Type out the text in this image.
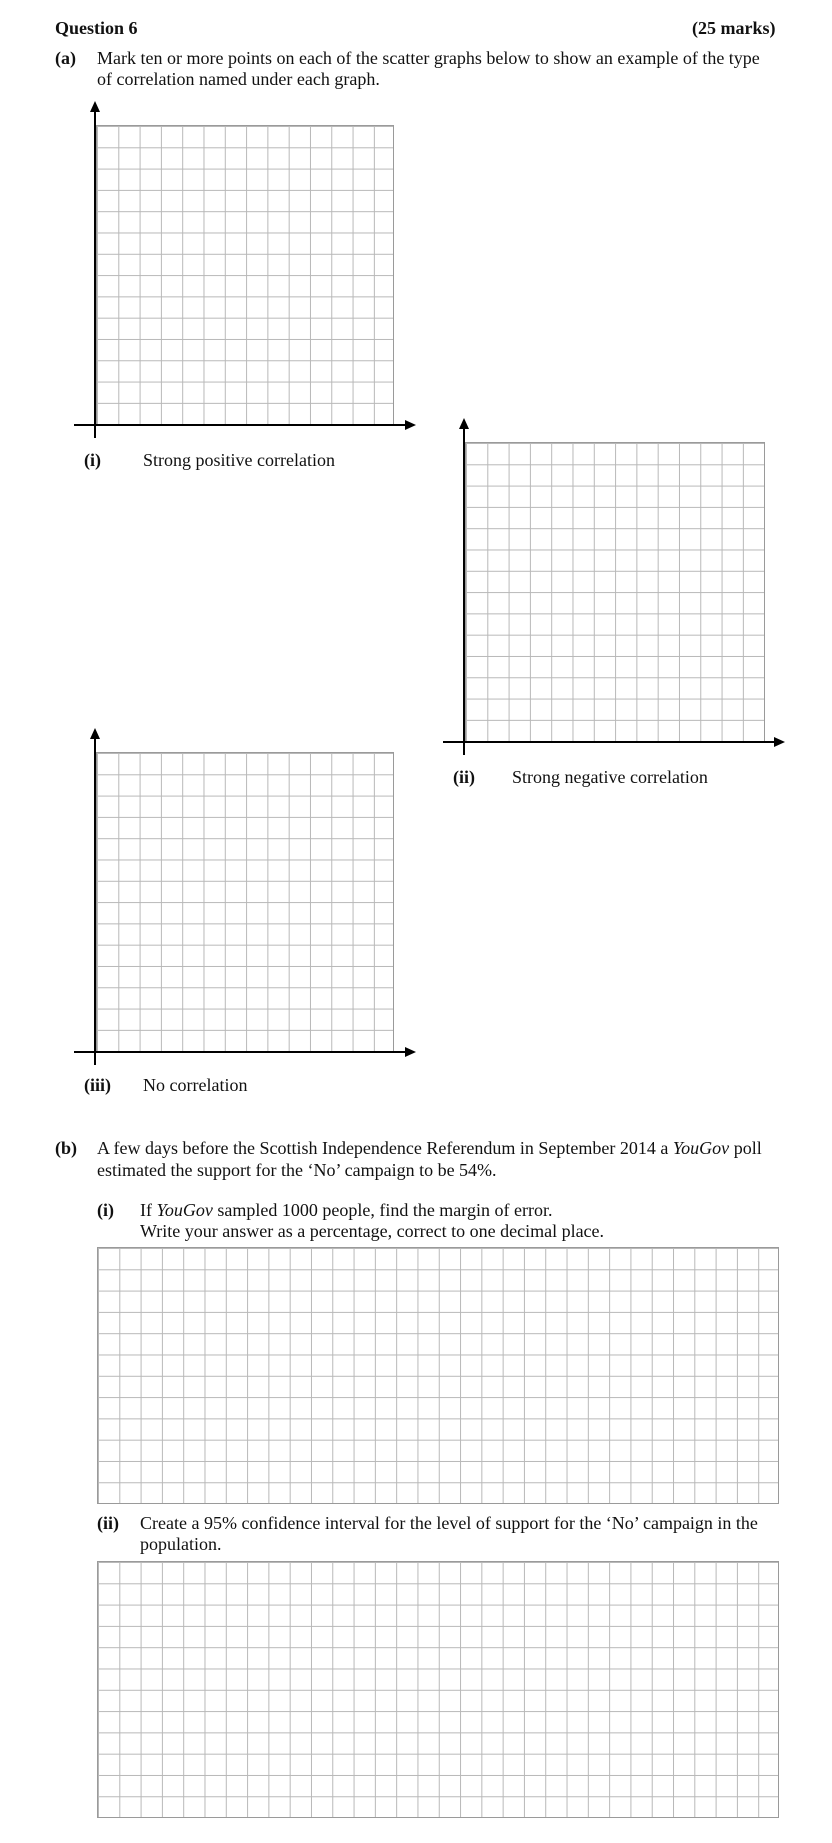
Question 6	(25 marks)
(a) Mark ten or more points on each of the scatter graphs below to show an example of the type
of correlation named under each graph.
(i) Strong positive correlation
(ii) Strong negative correlation
(iii) No correlation
(b) A few days before the Scottish Independence Referendum in September 2014 a YouGov poll
estimated the support for the ‘No’ campaign to be 54%.
(i) If YouGov sampled 1000 people, find the margin of error.
Write your answer as a percentage, correct to one decimal place.
(ii) Create a 95% confidence interval for the level of support for the ‘No’ campaign in the
population.
